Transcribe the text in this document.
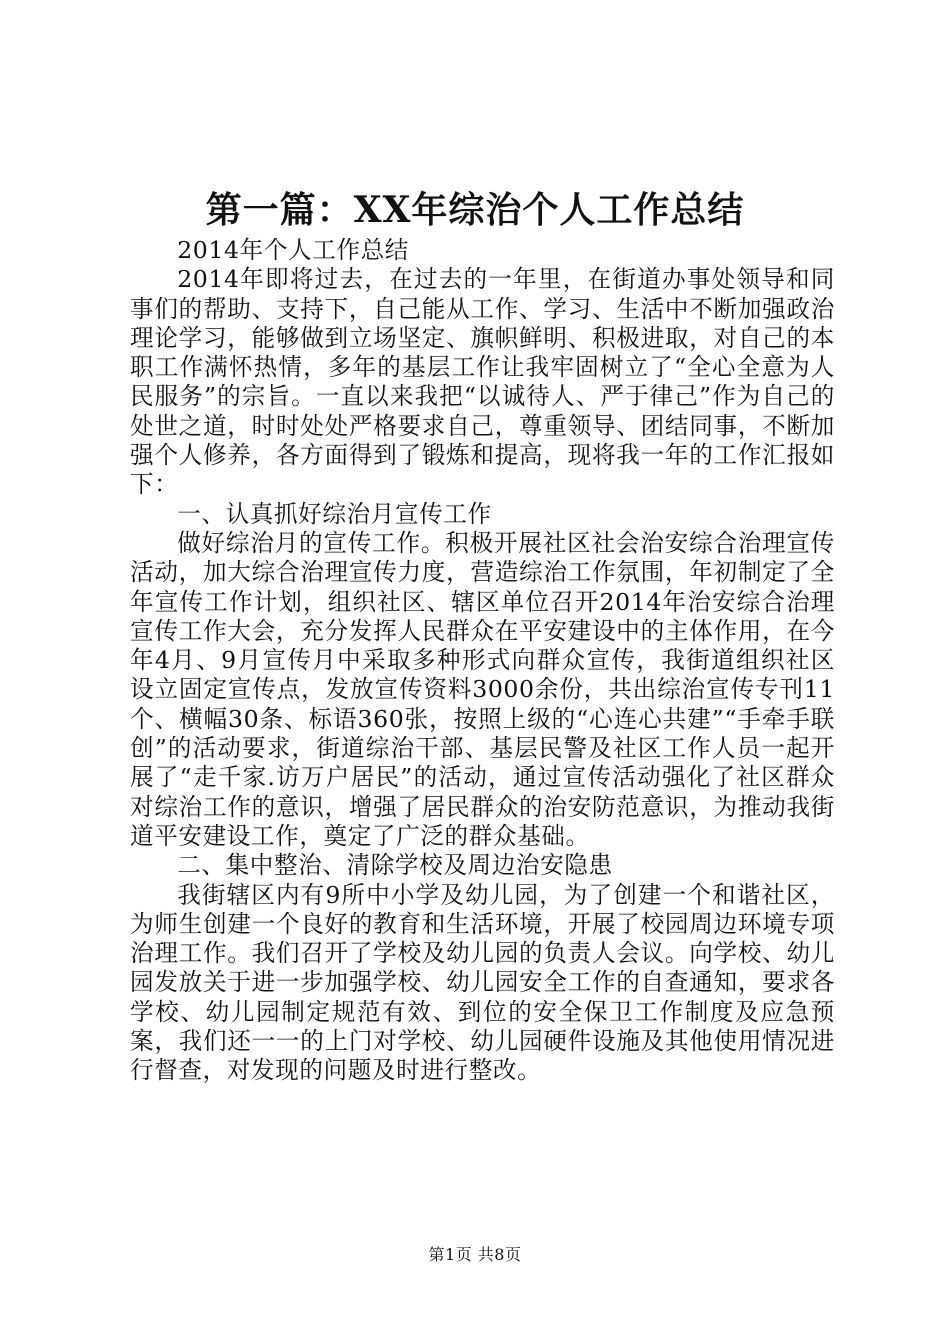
第一篇：XX年综治个人工作总结

2014年个人工作总结

2014年即将过去，在过去的一年里，在街道办事处领导和同事们的帮助、支持下，自己能从工作、学习、生活中不断加强政治理论学习，能够做到立场坚定、旗帜鲜明、积极进取，对自己的本职工作满怀热情，多年的基层工作让我牢固树立了“全心全意为人民服务”的宗旨。一直以来我把“以诚待人、严于律己”作为自己的处世之道，时时处处严格要求自己，尊重领导、团结同事，不断加强个人修养，各方面得到了锻炼和提高，现将我一年的工作汇报如下：

一、认真抓好综治月宣传工作

做好综治月的宣传工作。积极开展社区社会治安综合治理宣传活动，加大综合治理宣传力度，营造综治工作氛围，年初制定了全年宣传工作计划，组织社区、辖区单位召开2014年治安综合治理宣传工作大会，充分发挥人民群众在平安建设中的主体作用，在今年4月、9月宣传月中采取多种形式向群众宣传，我街道组织社区设立固定宣传点，发放宣传资料3000余份，共出综治宣传专刊11个、横幅30条、标语360张，按照上级的“心连心共建”“手牵手联创”的活动要求，街道综治干部、基层民警及社区工作人员一起开展了“走千家.访万户居民”的活动，通过宣传活动强化了社区群众对综治工作的意识，增强了居民群众的治安防范意识，为推动我街道平安建设工作，奠定了广泛的群众基础。

二、集中整治、清除学校及周边治安隐患

我街辖区内有9所中小学及幼儿园，为了创建一个和谐社区，为师生创建一个良好的教育和生活环境，开展了校园周边环境专项治理工作。我们召开了学校及幼儿园的负责人会议。向学校、幼儿园发放关于进一步加强学校、幼儿园安全工作的自查通知，要求各学校、幼儿园制定规范有效、到位的安全保卫工作制度及应急预案，我们还一一的上门对学校、幼儿园硬件设施及其他使用情况进行督查，对发现的问题及时进行整改。

第1页 共8页
